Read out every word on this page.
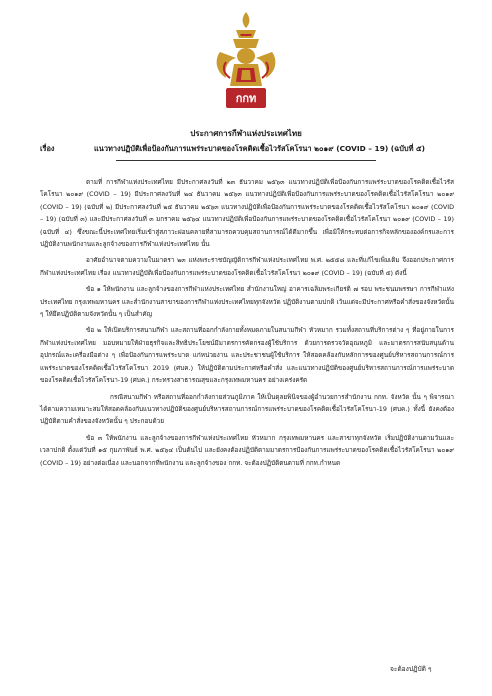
กกท
ประกาศการกีฬาแห่งประเทศไทย
เรื่อง	แนวทางปฏิบัติเพื่อป้องกันการแพร่ระบาดของโรคติดเชื้อไวรัสโคโรนา ๒๐๑๙ (COVID – 19) (ฉบับที่ ๕)

ตามที่ การกีฬาแห่งประเทศไทย มีประกาศลงวันที่ ๒๓ ธันวาคม ๒๕๖๓ แนวทางปฏิบัติเพื่อป้องกันการแพร่ระบาดของโรคติดเชื้อไวรัสโคโรนา ๒๐๑๙ (COVID – 19) มีประกาศลงวันที่ ๒๔ ธันวาคม ๒๕๖๓ แนวทางปฏิบัติเพื่อป้องกันการแพร่ระบาดของโรคติดเชื้อไวรัสโคโรนา ๒๐๑๙ (COVID – 19) (ฉบับที่ ๒) มีประกาศลงวันที่ ๒๕ ธันวาคม ๒๕๖๓ แนวทางปฏิบัติเพื่อป้องกันการแพร่ระบาดของโรคติดเชื้อไวรัสโคโรนา ๒๐๑๙ (COVID – 19) (ฉบับที่ ๓) และมีประกาศลงวันที่ ๓ มกราคม ๒๕๖๔ แนวทางปฏิบัติเพื่อป้องกันการแพร่ระบาดของโรคติดเชื้อไวรัสโคโรนา ๒๐๑๙ (COVID – 19) (ฉบับที่ ๔) ซึ่งขณะนี้ประเทศไทยเริ่มเข้าสู่สภาวะผ่อนคลายที่สามารถควบคุมสถานการณ์ได้ดีมากขึ้น เพื่อมิให้กระทบต่อการกิจหลักขององค์กรและการปฏิบัติงานพนักงานและลูกจ้างของการกีฬาแห่งประเทศไทย นั้น

อาศัยอำนาจตามความในมาตรา ๒๓ แห่งพระราชบัญญัติการกีฬาแห่งประเทศไทย พ.ศ. ๒๕๕๘ และที่แก้ไขเพิ่มเติม จึงออกประกาศการกีฬาแห่งประเทศไทย เรื่อง แนวทางปฏิบัติเพื่อป้องกันการแพร่ระบาดของโรคติดเชื้อไวรัสโคโรนา ๒๐๑๙ (COVID – 19) (ฉบับที่ ๕) ดังนี้

ข้อ ๑ ให้พนักงาน และลูกจ้างของการกีฬาแห่งประเทศไทย สำนักงานใหญ่ อาคารเฉลิมพระเกียรติ ๗ รอบ พระชนมพรรษา การกีฬาแห่งประเทศไทย กรุงเทพมหานคร และสำนักงานสาขาของการกีฬาแห่งประเทศไทยทุกจังหวัด ปฏิบัติงานตามปกติ เว้นแต่จะมีประกาศหรือคำสั่งของจังหวัดนั้น ๆ ให้ยึดปฏิบัติตามจังหวัดนั้น ๆ เป็นสำคัญ

ข้อ ๒ ให้เปิดบริการสนามกีฬา และสถานที่ออกกำลังกายทั้งหมดภายในสนามกีฬา หัวหมาก รวมทั้งสถานที่บริการต่าง ๆ ที่อยู่ภายในการกีฬาแห่งประเทศไทย มอบหมายให้ฝ่ายธุรกิจและสิทธิประโยชน์มีมาตรการคัดกรองผู้ใช้บริการ ด้วยการตรวจวัดอุณหภูมิ และมาตรการสนับสนุนด้านอุปกรณ์และเครื่องมือต่าง ๆ เพื่อป้องกันการแพร่ระบาด แก่หน่วยงาน และประชาชนผู้ใช้บริการ ให้สอดคล้องกับหลักการของศูนย์บริหารสถานการณ์การแพร่ระบาดของโรคติดเชื้อไวรัสโคโรนา 2019 (ศบค.) ให้ปฏิบัติตามประกาศหรือคำสั่ง และแนวทางปฏิบัติของศูนย์บริหารสถานการณ์การแพร่ระบาดของโรคติดเชื้อไวรัสโคโรนา-19 (ศบค.) กระทรวงสาธารณสุขและกรุงเทพมหานคร อย่างเคร่งครัด

กรณีสนามกีฬา หรือสถานที่ออกกำลังกายส่วนภูมิภาค ให้เป็นดุลยพินิจของผู้อำนวยการสำนักงาน กกท. จังหวัด นั้น ๆ พิจารณาได้ตามความเหมาะสมให้สอดคล้องกับแนวทางปฏิบัติของศูนย์บริหารสถานการณ์การแพร่ระบาดของโรคติดเชื้อไวรัสโคโรนา-19 (ศบค.) ทั้งนี้ ยังคงต้องปฏิบัติตามคำสั่งของจังหวัดนั้น ๆ ประกอบด้วย

ข้อ ๓ ให้พนักงาน และลูกจ้างของการกีฬาแห่งประเทศไทย หัวหมาก กรุงเทพมหานคร และสาขาทุกจังหวัด เริ่มปฏิบัติงานตามวันและเวลาปกติ ตั้งแต่วันที่ ๑๕ กุมภาพันธ์ พ.ศ. ๒๕๖๔ เป็นต้นไป และยังคงต้องปฏิบัติตามมาตรการป้องกันการแพร่ระบาดของโรคติดเชื้อไวรัสโคโรนา ๒๐๑๙ (COVID – 19) อย่างต่อเนื่อง และนอกจากที่พนักงาน และลูกจ้างของ กกท. จะต้องปฏิบัติตนตามที่ กกท.กำหนด

จะต้องปฏิบัติ ๆ
